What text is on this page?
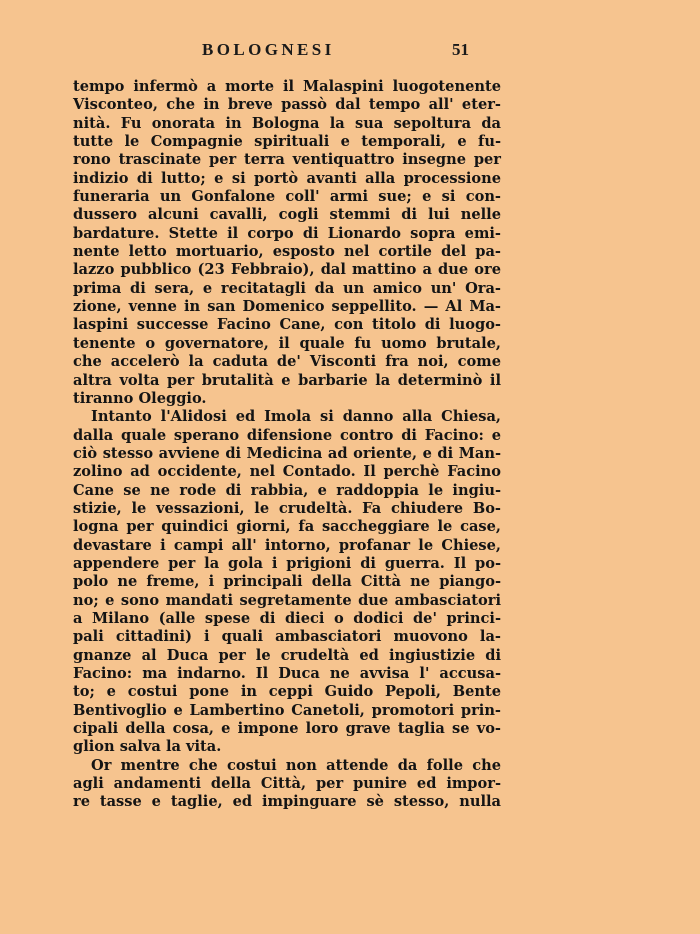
BOLOGNESI	51
tempo infermò a morte il Malaspini luogotenente
Visconteo, che in breve passò dal tempo all' eter-
nità. Fu onorata in Bologna la sua sepoltura da
tutte le Compagnie spirituali e temporali, e fu-
rono trascinate per terra ventiquattro insegne per
indizio di lutto; e si portò avanti alla processione
funeraria un Gonfalone coll' armi sue; e si con-
dussero alcuni cavalli, cogli stemmi di lui nelle
bardature. Stette il corpo di Lionardo sopra emi-
nente letto mortuario, esposto nel cortile del pa-
lazzo pubblico (23 Febbraio), dal mattino a due ore
prima di sera, e recitatagli da un amico un' Ora-
zione, venne in san Domenico seppellito. — Al Ma-
laspini successe Facino Cane, con titolo di luogo-
tenente o governatore, il quale fu uomo brutale,
che accelerò la caduta de' Visconti fra noi, come
altra volta per brutalità e barbarie la determinò il
tiranno Oleggio.
Intanto l'Alidosi ed Imola si danno alla Chiesa,
dalla quale sperano difensione contro di Facino: e
ciò stesso avviene di Medicina ad oriente, e di Man-
zolino ad occidente, nel Contado. Il perchè Facino
Cane se ne rode di rabbia, e raddoppia le ingiu-
stizie, le vessazioni, le crudeltà. Fa chiudere Bo-
logna per quindici giorni, fa saccheggiare le case,
devastare i campi all' intorno, profanar le Chiese,
appendere per la gola i prigioni di guerra. Il po-
polo ne freme, i principali della Città ne piango-
no; e sono mandati segretamente due ambasciatori
a Milano (alle spese di dieci o dodici de' princi-
pali cittadini) i quali ambasciatori muovono la-
gnanze al Duca per le crudeltà ed ingiustizie di
Facino: ma indarno. Il Duca ne avvisa l' accusa-
to; e costui pone in ceppi Guido Pepoli, Bente
Bentivoglio e Lambertino Canetoli, promotori prin-
cipali della cosa, e impone loro grave taglia se vo-
glion salva la vita.
Or mentre che costui non attende da folle che
agli andamenti della Città, per punire ed impor-
re tasse e taglie, ed impinguare sè stesso, nulla
